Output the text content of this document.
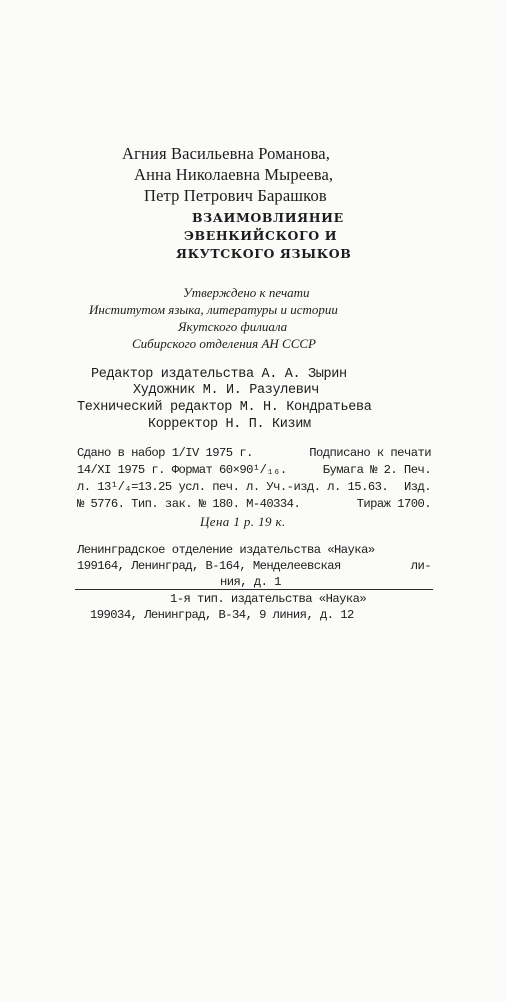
Агния Васильевна Романова,
Анна Николаевна Мыреева,
Петр Петрович Барашков
ВЗАИМОВЛИЯНИЕ
ЭВЕНКИЙСКОГО И
ЯКУТСКОГО ЯЗЫКОВ
Утверждено к печати
Институтом языка, литературы и истории
Якутского филиала
Сибирского отделения АН СССР
Редактор издательства А. А. Зырин
Художник М. И. Разулевич
Технический редактор М. Н. Кондратьева
Корректор Н. П. Кизим
Сдано в набор 1/IV 1975 г.	Подписано к печати
14/XI 1975 г. Формат 60×90¹/₁₆.	Бумага № 2. Печ.
л. 13¹/₄=13.25 усл. печ. л. Уч.-изд. л. 15.63. Изд.
№ 5776. Тип. зак. № 180. М-40334.	Тираж 1700.
Цена 1 р. 19 к.
Ленинградское отделение издательства «Наука»
199164, Ленинград, В-164, Менделеевская	ли-
ния, д. 1
1-я тип. издательства «Наука»
199034, Ленинград, В-34, 9 линия, д. 12
